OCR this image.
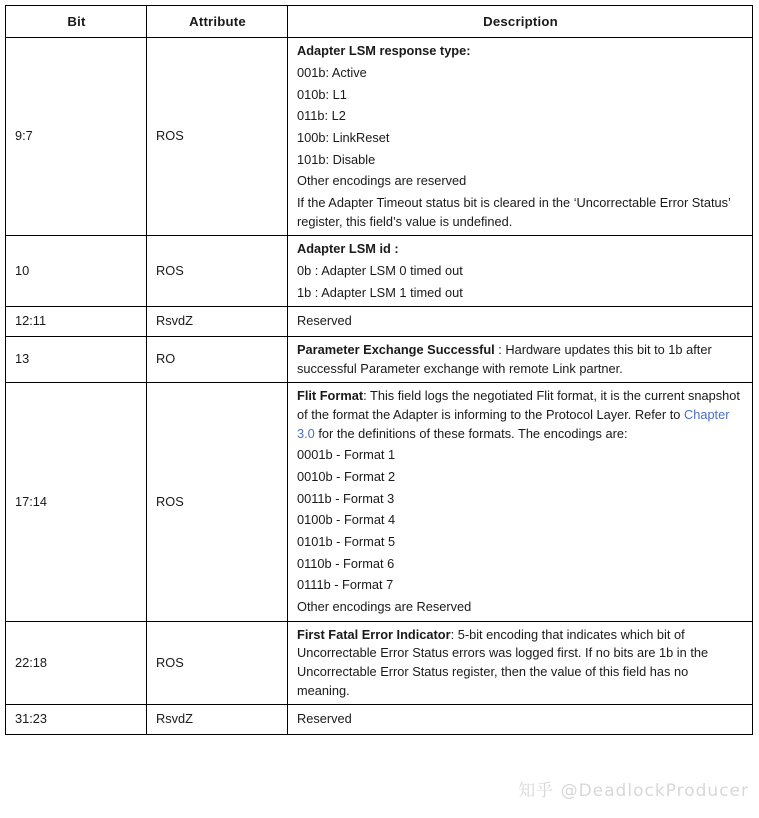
Bit	Attribute	Description
9:7	ROS	
Adapter LSM response type:
001b: Active
010b: L1
011b: L2
100b: LinkReset
101b: Disable
Other encodings are reserved
If the Adapter Timeout status bit is cleared in the ‘Uncorrectable Error Status’ register, this field’s value is undefined.

10	ROS	Adapter LSM id :
0b : Adapter LSM 0 timed out
1b : Adapter LSM 1 timed out

12:11	RsvdZ	Reserved

13	RO	Parameter Exchange Successful : Hardware updates this bit to 1b after successful Parameter exchange with remote Link partner.

17:14	ROS	
Flit Format: This field logs the negotiated Flit format, it is the current snapshot of the format the Adapter is informing to the Protocol Layer. Refer to Chapter 3.0 for the definitions of these formats. The encodings are:
0001b - Format 1
0010b - Format 2
0011b - Format 3
0100b - Format 4
0101b - Format 5
0110b - Format 6
0111b - Format 7
Other encodings are Reserved

22:18	ROS	First Fatal Error Indicator: 5-bit encoding that indicates which bit of Uncorrectable Error Status errors was logged first. If no bits are 1b in the Uncorrectable Error Status register, then the value of this field has no meaning.

31:23	RsvdZ	Reserved
知乎 @DeadlockProducer
